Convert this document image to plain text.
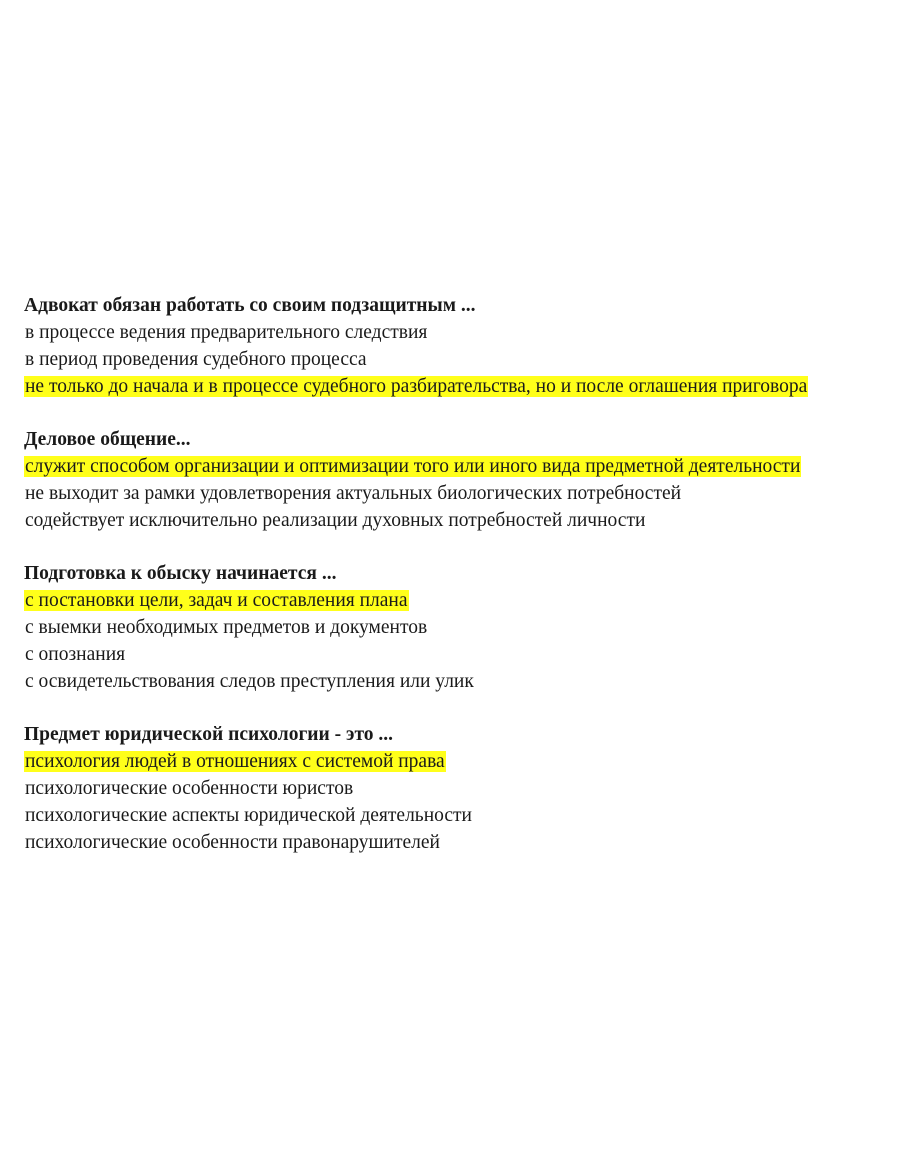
Адвокат обязан работать со своим подзащитным ...

в процессе ведения предварительного следствия

в период проведения судебного процесса

не только до начала и в процессе судебного разбирательства, но и после оглашения приговора

Деловое общение...

служит способом организации и оптимизации того или иного вида предметной деятельности

не выходит за рамки удовлетворения актуальных биологических потребностей

содействует исключительно реализации духовных потребностей личности

Подготовка к обыску начинается ...

с постановки цели, задач и составления плана

с выемки необходимых предметов и документов

с опознания

с освидетельствования следов преступления или улик

Предмет юридической психологии - это ...

психология людей в отношениях с системой права

психологические особенности юристов

психологические аспекты юридической деятельности

психологические особенности правонарушителей
